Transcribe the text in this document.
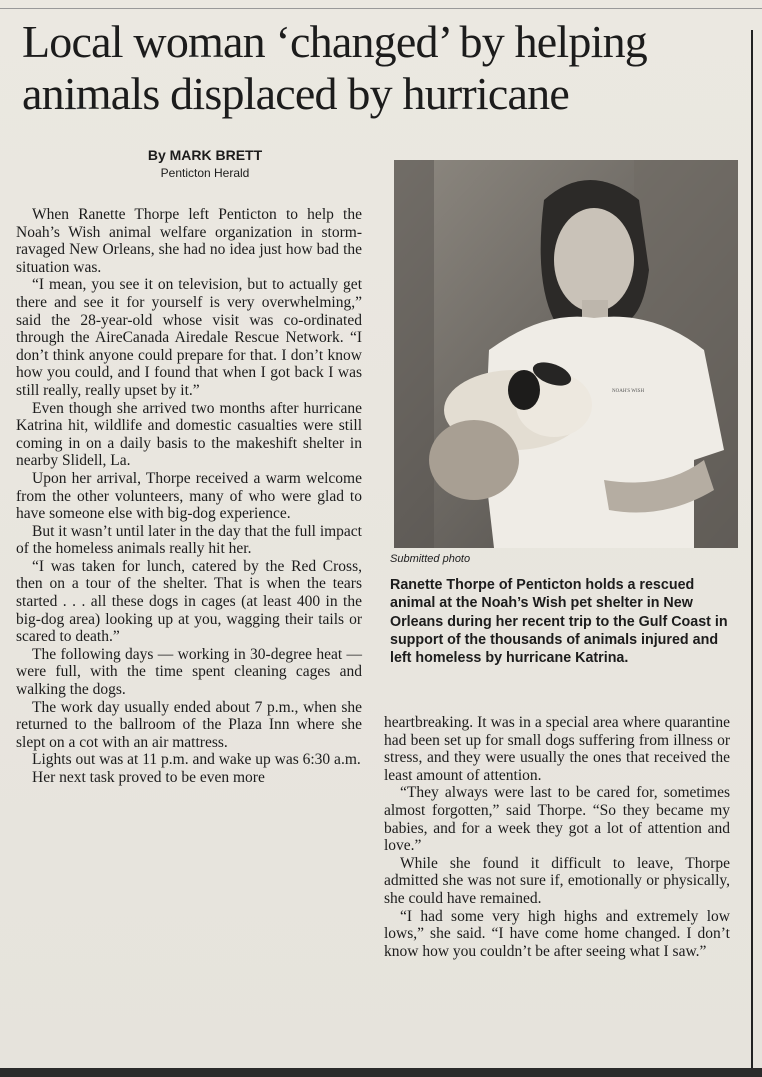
Local woman ‘changed’ by helping
animals displaced by hurricane
By MARK BRETT
Penticton Herald

When Ranette Thorpe left Penticton to help the Noah’s Wish animal welfare organization in storm-ravaged New Orleans, she had no idea just how bad the situation was.

“I mean, you see it on television, but to actually get there and see it for yourself is very overwhelming,” said the 28-year-old whose visit was co-ordinated through the AireCanada Airedale Rescue Network. “I don’t think anyone could prepare for that. I don’t know how you could, and I found that when I got back I was still really, really upset by it.”

Even though she arrived two months after hurricane Katrina hit, wildlife and domestic casualties were still coming in on a daily basis to the makeshift shelter in nearby Slidell, La.

Upon her arrival, Thorpe received a warm welcome from the other volunteers, many of who were glad to have someone else with big-dog experience.

But it wasn’t until later in the day that the full impact of the homeless animals really hit her.

“I was taken for lunch, catered by the Red Cross, then on a tour of the shelter. That is when the tears started . . . all these dogs in cages (at least 400 in the big-dog area) looking up at you, wagging their tails or scared to death.”

The following days — working in 30-degree heat — were full, with the time spent cleaning cages and walking the dogs.

The work day usually ended about 7 p.m., when she returned to the ballroom of the Plaza Inn where she slept on a cot with an air mattress.

Lights out was at 11 p.m. and wake up was 6:30 a.m.

Her next task proved to be even more

NOAH'S WISH
Submitted photo
Ranette Thorpe of Penticton holds a rescued animal at the Noah’s Wish pet shelter in New Orleans during her recent trip to the Gulf Coast in support of the thousands of animals injured and left homeless by hurricane Katrina.

heartbreaking. It was in a special area where quarantine had been set up for small dogs suffering from illness or stress, and they were usually the ones that received the least amount of attention.

“They always were last to be cared for, sometimes almost forgotten,” said Thorpe. “So they became my babies, and for a week they got a lot of attention and love.”

While she found it difficult to leave, Thorpe admitted she was not sure if, emotionally or physically, she could have remained.

“I had some very high highs and extremely low lows,” she said. “I have come home changed. I don’t know how you couldn’t be after seeing what I saw.”
